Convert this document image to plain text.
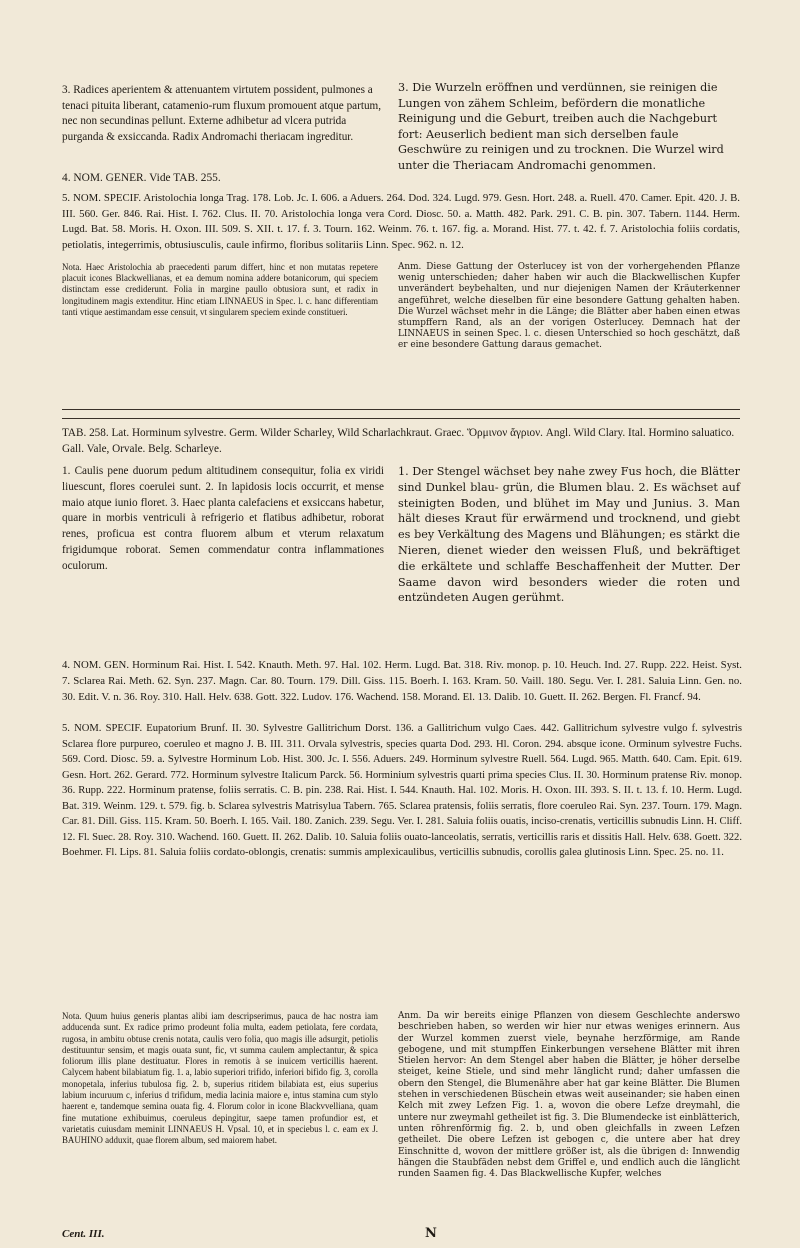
3. Radices aperientem & attenuantem virtutem possident, pulmones a tenaci pituita liberant, catamenio-rum fluxum promouent atque partum, nec non secundinas pellunt. Externe adhibetur ad vlcera putrida purganda & exsiccanda. Radix Andromachi theriacam ingreditur.

3. Die Wurzeln eröffnen und verdünnen, sie reinigen die Lungen von zähem Schleim, befördern die monatliche Reinigung und die Geburt, treiben auch die Nachgeburt fort: Aeuserlich bedient man sich derselben faule Geschwüre zu reinigen und zu trocknen. Die Wurzel wird unter die Theriacam Andromachi genommen.

4. NOM. GENER. Vide TAB. 255.

5. NOM. SPECIF. Aristolochia longa Trag. 178. Lob. Jc. I. 606. a Aduers. 264. Dod. 324. Lugd. 979. Gesn. Hort. 248. a. Ruell. 470. Camer. Epit. 420. J. B. III. 560. Ger. 846. Rai. Hist. I. 762. Clus. II. 70. Aristolochia longa vera Cord. Diosc. 50. a. Matth. 482. Park. 291. C. B. pin. 307. Tabern. 1144. Herm. Lugd. Bat. 58. Moris. H. Oxon. III. 509. S. XII. t. 17. f. 3. Tourn. 162. Weinm. 76. t. 167. fig. a. Morand. Hist. 77. t. 42. f. 7. Aristolochia foliis cordatis, petiolatis, integerrimis, obtusiusculis, caule infirmo, floribus solitariis Linn. Spec. 962. n. 12.

Nota. Haec Aristolochia ab praecedenti parum differt, hinc et non mutatas repetere placuit icones Blackwellianas, et ea demum nomina addere botanicorum, qui speciem distinctam esse crediderunt. Folia in margine paullo obtusiora sunt, et radix in longitudinem magis extenditur. Hinc etiam LINNAEUS in Spec. l. c. hanc differentiam tanti vtique aestimandam esse censuit, vt singularem speciem exinde constitueri.

Anm. Diese Gattung der Osterlucey ist von der vorhergehenden Pflanze wenig unterschieden; daher haben wir auch die Blackwellischen Kupfer unverändert beybehalten, und nur diejenigen Namen der Kräuterkenner angeführet, welche dieselben für eine besondere Gattung gehalten haben. Die Wurzel wächset mehr in die Länge; die Blätter aber haben einen etwas stumpffern Rand, als an der vorigen Osterlucey. Demnach hat der LINNAEUS in seinen Spec. l. c. diesen Unterschied so hoch geschätzt, daß er eine besondere Gattung daraus gemachet.

TAB. 258. Lat. Horminum sylvestre. Germ. Wilder Scharley, Wild Scharlachkraut. Graec. Ὅρμινον ἄγριον. Angl. Wild Clary. Ital. Hormino saluatico. Gall. Vale, Orvale. Belg. Scharleye.

1. Caulis pene duorum pedum altitudinem consequitur, folia ex viridi liuescunt, flores coerulei sunt. 2. In lapidosis locis occurrit, et mense maio atque iunio floret. 3. Haec planta calefaciens et exsiccans habetur, quare in morbis ventriculi à refrigerio et flatibus adhibetur, roborat renes, proficua est contra fluorem album et vterum relaxatum frigidumque roborat. Semen commendatur contra inflammationes oculorum.

1. Der Stengel wächset bey nahe zwey Fus hoch, die Blätter sind Dunkel blau- grün, die Blumen blau. 2. Es wächset auf steinigten Boden, und blühet im May und Junius. 3. Man hält dieses Kraut für erwärmend und trocknend, und giebt es bey Verkältung des Magens und Blähungen; es stärkt die Nieren, dienet wieder den weissen Fluß, und bekräftiget die erkältete und schlaffe Beschaffenheit der Mutter. Der Saame davon wird besonders wieder die roten und entzündeten Augen gerühmt.

4. NOM. GEN. Horminum Rai. Hist. I. 542. Knauth. Meth. 97. Hal. 102. Herm. Lugd. Bat. 318. Riv. monop. p. 10. Heuch. Ind. 27. Rupp. 222. Heist. Syst. 7. Sclarea Rai. Meth. 62. Syn. 237. Magn. Car. 80. Tourn. 179. Dill. Giss. 115. Boerh. I. 163. Kram. 50. Vaill. 180. Segu. Ver. I. 281. Saluia Linn. Gen. no. 30. Edit. V. n. 36. Roy. 310. Hall. Helv. 638. Gott. 322. Ludov. 176. Wachend. 158. Morand. El. 13. Dalib. 10. Guett. II. 262. Bergen. Fl. Francf. 94.

5. NOM. SPECIF. Eupatorium Brunf. II. 30. Sylvestre Gallitrichum Dorst. 136. a Gallitrichum vulgo Caes. 442. Gallitrichum sylvestre vulgo f. sylvestris Sclarea flore purpureo, coeruleo et magno J. B. III. 311. Orvala sylvestris, species quarta Dod. 293. Hl. Coron. 294. absque icone. Orminum sylvestre Fuchs. 569. Cord. Diosc. 59. a. Sylvestre Horminum Lob. Hist. 300. Jc. I. 556. Aduers. 249. Horminum sylvestre Ruell. 564. Lugd. 965. Matth. 640. Cam. Epit. 619. Gesn. Hort. 262. Gerard. 772. Horminum sylvestre Italicum Parck. 56. Horminium sylvestris quarti prima species Clus. II. 30. Horminum pratense Riv. monop. 36. Rupp. 222. Horminum pratense, foliis serratis. C. B. pin. 238. Rai. Hist. I. 544. Knauth. Hal. 102. Moris. H. Oxon. III. 393. S. II. t. 13. f. 10. Herm. Lugd. Bat. 319. Weinm. 129. t. 579. fig. b. Sclarea sylvestris Matrisylua Tabern. 765. Sclarea pratensis, foliis serratis, flore coeruleo Rai. Syn. 237. Tourn. 179. Magn. Car. 81. Dill. Giss. 115. Kram. 50. Boerh. I. 165. Vail. 180. Zanich. 239. Segu. Ver. I. 281. Saluia foliis ouatis, inciso-crenatis, verticillis subnudis Linn. H. Cliff. 12. Fl. Suec. 28. Roy. 310. Wachend. 160. Guett. II. 262. Dalib. 10. Saluia foliis ouato-lanceolatis, serratis, verticillis raris et dissitis Hall. Helv. 638. Goett. 322. Boehmer. Fl. Lips. 81. Saluia foliis cordato-oblongis, crenatis: summis amplexicaulibus, verticillis subnudis, corollis galea glutinosis Linn. Spec. 25. no. 11.

Nota. Quum huius generis plantas alibi iam descripserimus, pauca de hac nostra iam adducenda sunt. Ex radice primo prodeunt folia multa, eadem petiolata, fere cordata, rugosa, in ambitu obtuse crenis notata, caulis vero folia, quo magis ille adsurgit, petiolis destituuntur sensim, et magis ouata sunt, fic, vt summa caulem amplectantur, & spica foliorum illis plane destituatur. Flores in remotis à se inuicem verticillis haerent. Calycem habent bilabiatum fig. 1. a, labio superiori trifido, inferiori bifido fig. 3, corolla monopetala, inferius tubulosa fig. 2. b, superius ritidem bilabiata est, eius superius labium incuruum c, inferius d trifidum, media lacinia maiore e, intus stamina cum stylo haerent e, tandemque semina ouata fig. 4. Florum color in icone Blackvvelliana, quam fine mutatione exhibuimus, coeruleus depingitur, saepe tamen profundior est, et varietatis cuiusdam meminit LINNAEUS H. Vpsal. 10, et in speciebus l. c. eam ex J. BAUHINO adduxit, quae florem album, sed maiorem habet.

Anm. Da wir bereits einige Pflanzen von diesem Geschlechte anderswo beschrieben haben, so werden wir hier nur etwas weniges erinnern. Aus der Wurzel kommen zuerst viele, beynahe herzförmige, am Rande gebogene, und mit stumpffen Einkerbungen versehene Blätter mit ihren Stielen hervor: An dem Stengel aber haben die Blätter, je höher derselbe steiget, keine Stiele, und sind mehr länglicht rund; daher umfassen die obern den Stengel, die Blumenähre aber hat gar keine Blätter. Die Blumen stehen in verschiedenen Büschein etwas weit auseinander; sie haben einen Kelch mit zwey Lefzen Fig. 1. a, wovon die obere Lefze dreymahl, die untere nur zweymahl getheilet ist fig. 3. Die Blumendecke ist einblätterich, unten röhrenförmig fig. 2. b, und oben gleichfalls in zween Lefzen getheilet. Die obere Lefzen ist gebogen c, die untere aber hat drey Einschnitte d, wovon der mittlere größer ist, als die übrigen d: Innwendig hängen die Staubfäden nebst dem Griffel e, und endlich auch die länglicht runden Saamen fig. 4. Das Blackwellische Kupfer, welches

Cent. III.	N
